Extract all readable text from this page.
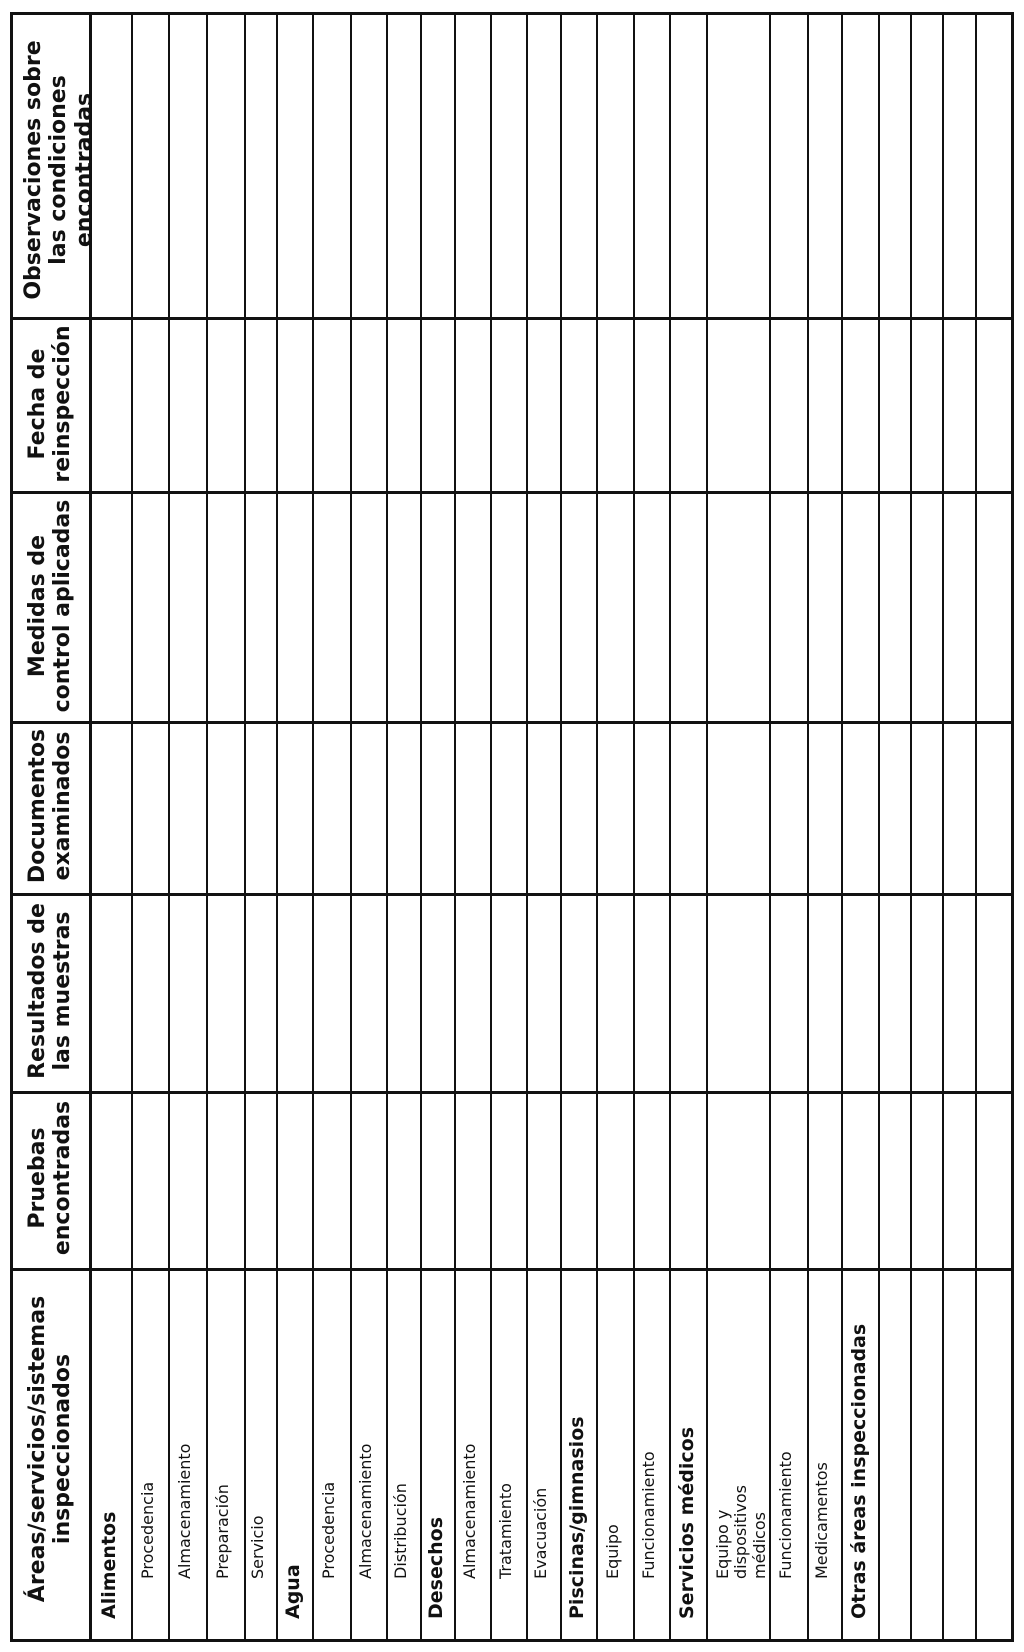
Observaciones sobre las condiciones encontradas
Fecha de reinspección
Medidas de control aplicadas
Documentos examinados
Resultados de las muestras
Pruebas encontradas
Áreas/servicios/sistemas inspeccionados
Alimentos Procedencia Almacenamiento Preparación Servicio
Agua
Procedencia Almacenamiento Distribución Desechos Almacenamiento Tratamiento Evacuación Piscinas/gimnasios Equipo Funcionamiento Servicios médicos Equipo y dispositivos médicos Funcionamiento Medicamentos Otras áreas inspeccionadas
